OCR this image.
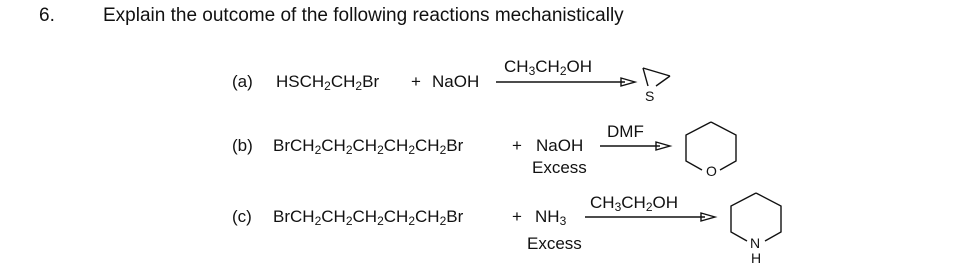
6.	Explain the outcome of the following reactions mechanistically
(a) $HSCH_2CH_2Br$ + NaOH
$CH_3CH_2OH$
S
(b) $BrCH_2CH_2CH_2CH_2CH_2Br$	+ NaOH
Excess
DMF
O
(c) $BrCH_2CH_2CH_2CH_2CH_2Br$	+ $NH_3$
Excess
$CH_3CH_2OH$
N
H
